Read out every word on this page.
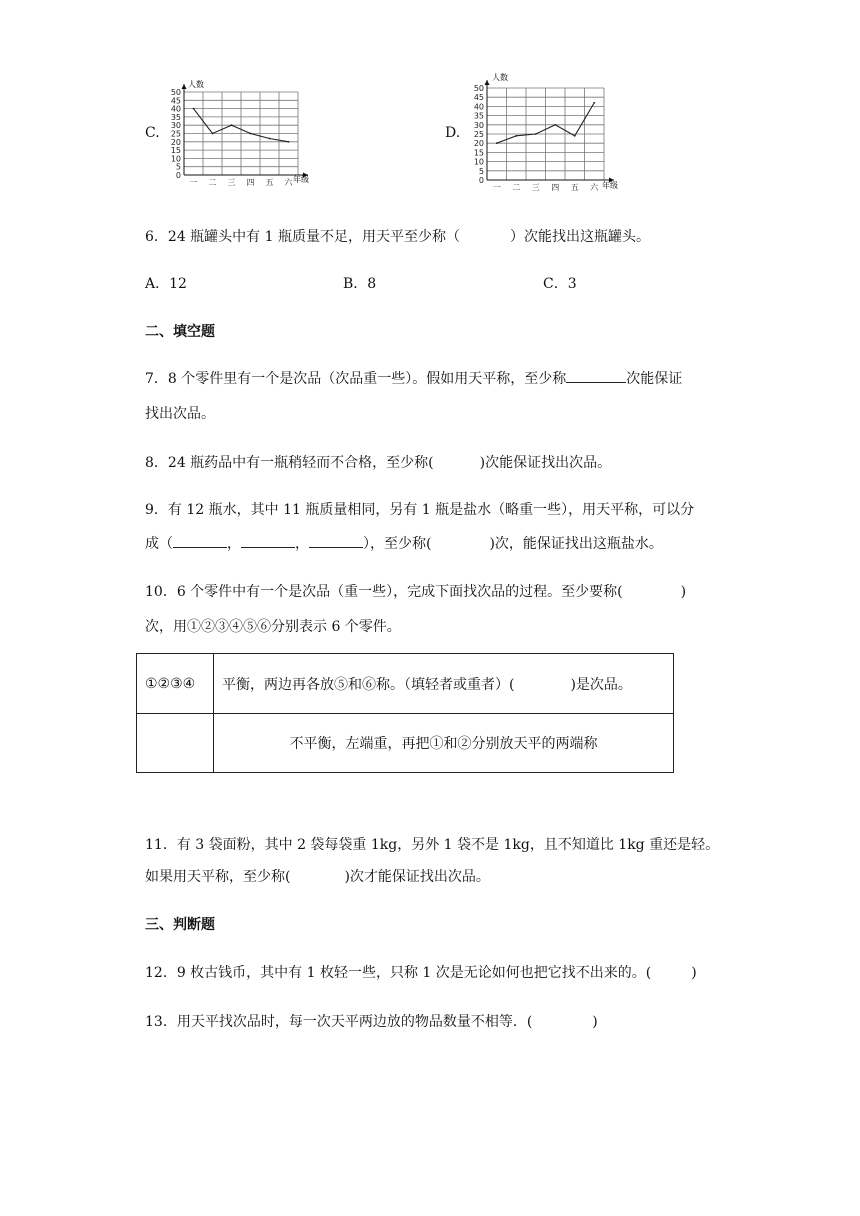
C.
人数
50
45
40
35
30
25
20
15
10
5
0
一 二 三 四 五 六 年级
D.
人数
50
45
40
35
30
25
20
15
10
5
0
一 二 三 四 五 六 年级
6．24 瓶罐头中有 1 瓶质量不足，用天平至少称（	）次能找出这瓶罐头。
A．12	B．8	C．3
二、填空题
7．8 个零件里有一个是次品（次品重一些）。假如用天平称，至少称	次能保证
找出次品。
8．24 瓶药品中有一瓶稍轻而不合格，至少称(	)次能保证找出次品。
9．有 12 瓶水，其中 11 瓶质量相同，另有 1 瓶是盐水（略重一些），用天平称，可以分
成（	，	，	），至少称(	)次，能保证找出这瓶盐水。
10．6 个零件中有一个是次品（重一些），完成下面找次品的过程。至少要称(	)
次，用①②③④⑤⑥分别表示 6 个零件。
①②③④	平衡，两边再各放⑤和⑥称。（填轻者或重者）( )是次品。
	不平衡，左端重，再把①和②分别放天平的两端称
11．有 3 袋面粉，其中 2 袋每袋重 1kg，另外 1 袋不是 1kg，且不知道比 1kg 重还是轻。
如果用天平称，至少称(	)次才能保证找出次品。
三、判断题
12．9 枚古钱币，其中有 1 枚轻一些，只称 1 次是无论如何也把它找不出来的。(	)
13．用天平找次品时，每一次天平两边放的物品数量不相等．(	)
